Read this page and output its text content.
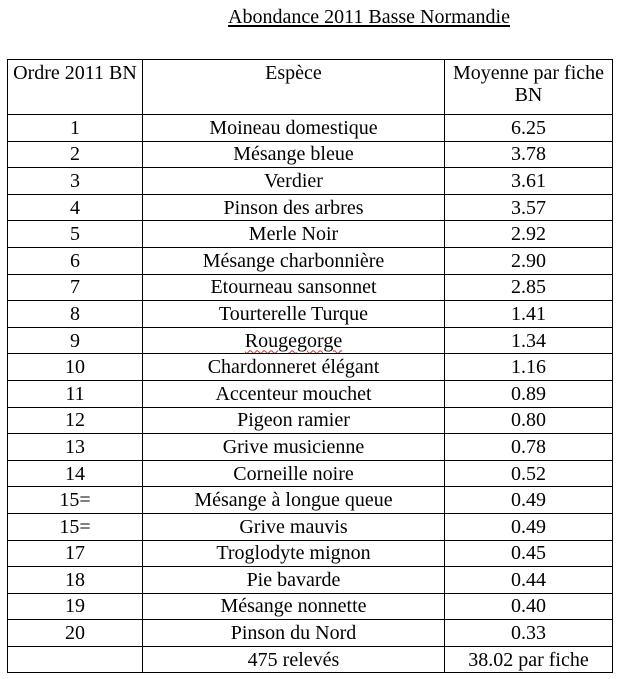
Abondance 2011 Basse Normandie
Ordre 2011 BN	Espèce	Moyenne par fiche BN
1	Moineau domestique	6.25
2	Mésange bleue	3.78
3	Verdier	3.61
4	Pinson des arbres	3.57
5	Merle Noir	2.92
6	Mésange charbonnière	2.90
7	Etourneau sansonnet	2.85
8	Tourterelle Turque	1.41
9	Rougegorge	1.34
10	Chardonneret élégant	1.16
11	Accenteur mouchet	0.89
12	Pigeon ramier	0.80
13	Grive musicienne	0.78
14	Corneille noire	0.52
15=	Mésange à longue queue	0.49
15=	Grive mauvis	0.49
17	Troglodyte mignon	0.45
18	Pie bavarde	0.44
19	Mésange nonnette	0.40
20	Pinson du Nord	0.33
	475 relevés	38.02 par fiche
